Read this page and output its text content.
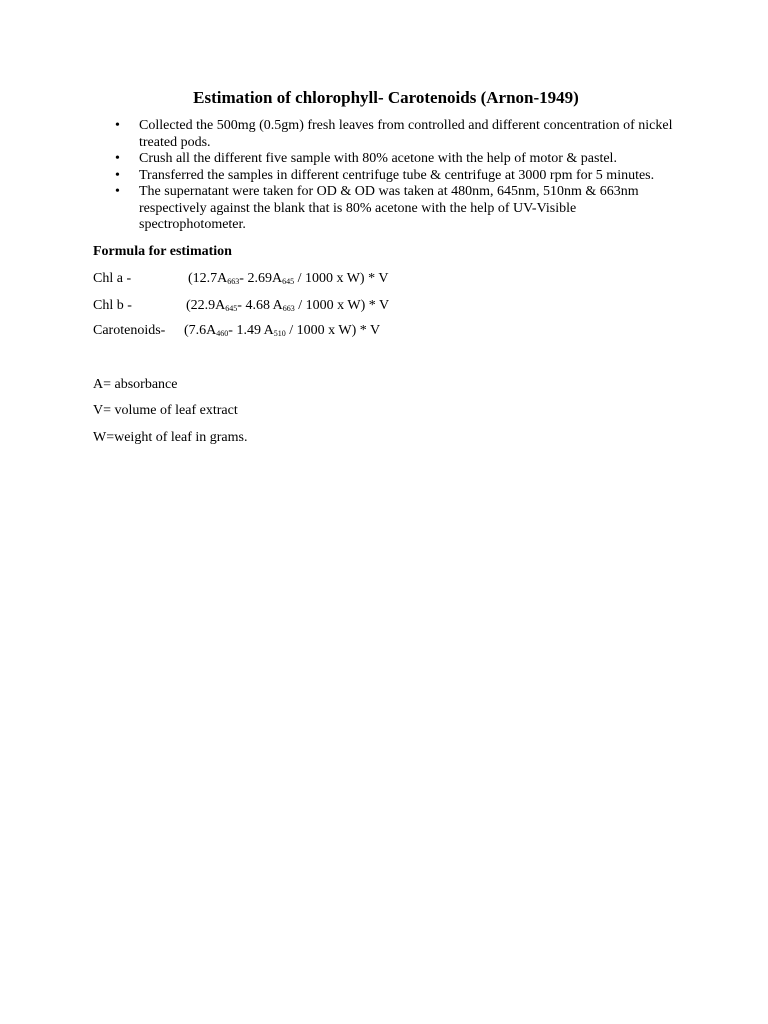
Estimation of chlorophyll- Carotenoids (Arnon-1949)
• Collected the 500mg (0.5gm) fresh leaves from controlled and different concentration of nickel treated pods.
• Crush all the different five sample with 80% acetone with the help of motor & pastel.
• Transferred the samples in different centrifuge tube & centrifuge at 3000 rpm for 5 minutes.
• The supernatant were taken for OD & OD was taken at 480nm, 645nm, 510nm & 663nm respectively against the blank that is 80% acetone with the help of UV-Visible spectrophotometer.
Formula for estimation
Chl a -	($12.7A_{663}-$ $2.69A_{645} / 1000$ x W) * V
Chl b -	($22.9A_{645}-$ 4.68 $A_{663} / 1000$ x W) * V
Carotenoids- ($7.6A_{460}-$ 1.49 $A_{510} / 1000$ x W) * V
A= absorbance
V= volume of leaf extract
W=weight of leaf in grams.
